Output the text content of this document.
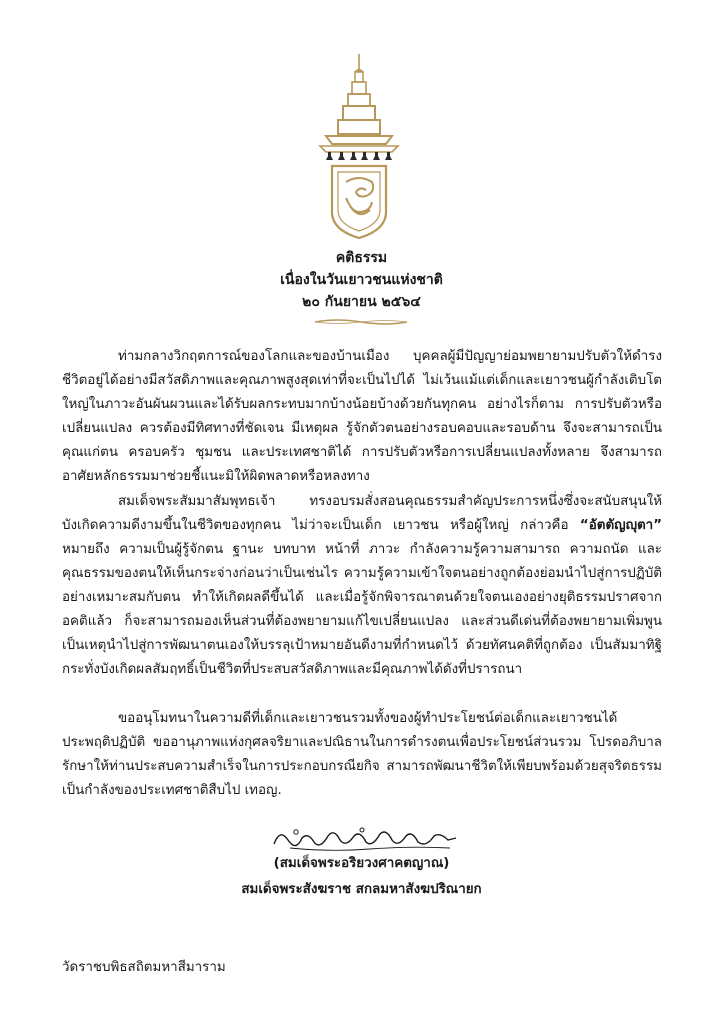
คติธรรม
เนื่องในวันเยาวชนแห่งชาติ
๒๐ กันยายน ๒๕๖๔
ท่ามกลางวิกฤตการณ์ของโลกและของบ้านเมือง บุคคลผู้มีปัญญาย่อมพยายามปรับตัวให้ดำรงชีวิตอยู่ได้อย่างมีสวัสดิภาพและคุณภาพสูงสุดเท่าที่จะเป็นไปได้ ไม่เว้นแม้แต่เด็กและเยาวชนผู้กำลังเติบโตใหญ่ในภาวะอันผันผวนและได้รับผลกระทบมากบ้างน้อยบ้างด้วยกันทุกคน อย่างไรก็ตาม การปรับตัวหรือเปลี่ยนแปลง ควรต้องมีทิศทางที่ชัดเจน มีเหตุผล รู้จักตัวตนอย่างรอบคอบและรอบด้าน จึงจะสามารถเป็นคุณแก่ตน ครอบครัว ชุมชน และประเทศชาติได้ การปรับตัวหรือการเปลี่ยนแปลงทั้งหลาย จึงสามารถอาศัยหลักธรรมมาช่วยชี้แนะมิให้ผิดพลาดหรือหลงทาง
สมเด็จพระสัมมาสัมพุทธเจ้า ทรงอบรมสั่งสอนคุณธรรมสำคัญประการหนึ่งซึ่งจะสนับสนุนให้บังเกิดความดีงามขึ้นในชีวิตของทุกคน ไม่ว่าจะเป็นเด็ก เยาวชน หรือผู้ใหญ่ กล่าวคือ “อัตตัญญุตา” หมายถึง ความเป็นผู้รู้จักตน ฐานะ บทบาท หน้าที่ ภาวะ กำลังความรู้ความสามารถ ความถนัด และคุณธรรมของตนให้เห็นกระจ่างก่อนว่าเป็นเช่นไร ความรู้ความเข้าใจตนอย่างถูกต้องย่อมนำไปสู่การปฏิบัติอย่างเหมาะสมกับตน ทำให้เกิดผลดีขึ้นได้ และเมื่อรู้จักพิจารณาตนด้วยใจตนเองอย่างยุติธรรมปราศจากอคติแล้ว ก็จะสามารถมองเห็นส่วนที่ต้องพยายามแก้ไขเปลี่ยนแปลง และส่วนดีเด่นที่ต้องพยายามเพิ่มพูน เป็นเหตุนำไปสู่การพัฒนาตนเองให้บรรลุเป้าหมายอันดีงามที่กำหนดไว้ ด้วยทัศนคติที่ถูกต้อง เป็นสัมมาทิฐิ กระทั่งบังเกิดผลสัมฤทธิ์เป็นชีวิตที่ประสบสวัสดิภาพและมีคุณภาพได้ดังที่ปรารถนา
ขออนุโมทนาในความดีที่เด็กและเยาวชนรวมทั้งของผู้ทำประโยชน์ต่อเด็กและเยาวชนได้ประพฤติปฏิบัติ ขออานุภาพแห่งกุศลจริยาและปณิธานในการดำรงตนเพื่อประโยชน์ส่วนรวม โปรดอภิบาลรักษาให้ท่านประสบความสำเร็จในการประกอบกรณียกิจ สามารถพัฒนาชีวิตให้เพียบพร้อมด้วยสุจริตธรรม เป็นกำลังของประเทศชาติสืบไป เทอญ.
(สมเด็จพระอริยวงศาคตญาณ)
สมเด็จพระสังฆราช สกลมหาสังฆปริณายก
วัดราชบพิธสถิตมหาสีมาราม
